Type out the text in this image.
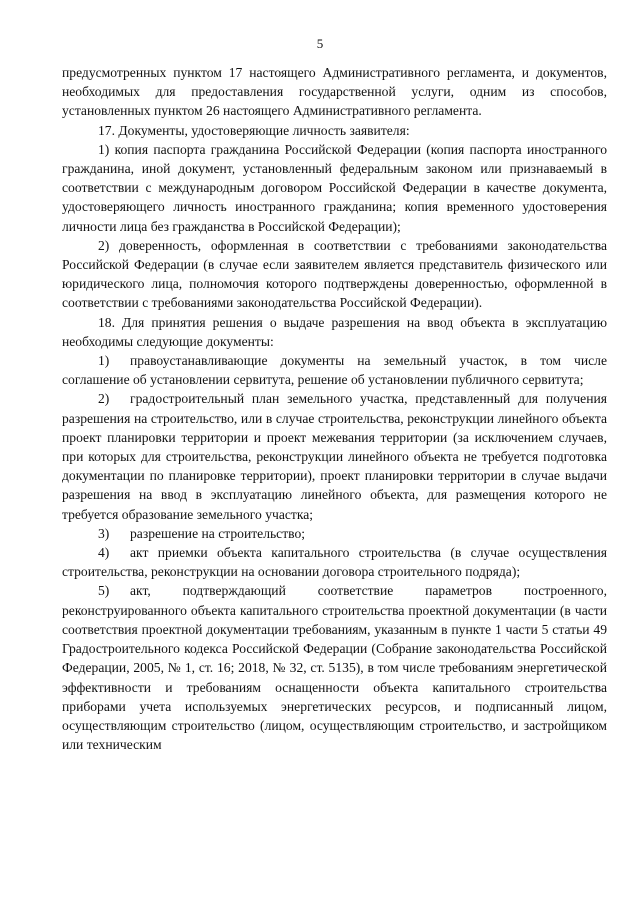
5

предусмотренных пунктом 17 настоящего Административного регламента, и документов, необходимых для предоставления государственной услуги, одним из способов, установленных пунктом 26 настоящего Административного регламента.

17. Документы, удостоверяющие личность заявителя:

1) копия паспорта гражданина Российской Федерации (копия паспорта иностранного гражданина, иной документ, установленный федеральным законом или признаваемый в соответствии с международным договором Российской Федерации в качестве документа, удостоверяющего личность иностранного гражданина; копия временного удостоверения личности лица без гражданства в Российской Федерации);

2) доверенность, оформленная в соответствии с требованиями законодательства Российской Федерации (в случае если заявителем является представитель физического или юридического лица, полномочия которого подтверждены доверенностью, оформленной в соответствии с требованиями законодательства Российской Федерации).

18. Для принятия решения о выдаче разрешения на ввод объекта в эксплуатацию необходимы следующие документы:

1) правоустанавливающие документы на земельный участок, в том числе соглашение об установлении сервитута, решение об установлении публичного сервитута;

2) градостроительный план земельного участка, представленный для получения разрешения на строительство, или в случае строительства, реконструкции линейного объекта проект планировки территории и проект межевания территории (за исключением случаев, при которых для строительства, реконструкции линейного объекта не требуется подготовка документации по планировке территории), проект планировки территории в случае выдачи разрешения на ввод в эксплуатацию линейного объекта, для размещения которого не требуется образование земельного участка;

3) разрешение на строительство;

4) акт приемки объекта капитального строительства (в случае осуществления строительства, реконструкции на основании договора строительного подряда);

5) акт, подтверждающий соответствие параметров построенного, реконструированного объекта капитального строительства проектной документации (в части соответствия проектной документации требованиям, указанным в пункте 1 части 5 статьи 49 Градостроительного кодекса Российской Федерации (Собрание законодательства Российской Федерации, 2005, № 1, ст. 16; 2018, № 32, ст. 5135), в том числе требованиям энергетической эффективности и требованиям оснащенности объекта капитального строительства приборами учета используемых энергетических ресурсов, и подписанный лицом, осуществляющим строительство (лицом, осуществляющим строительство, и застройщиком или техническим
